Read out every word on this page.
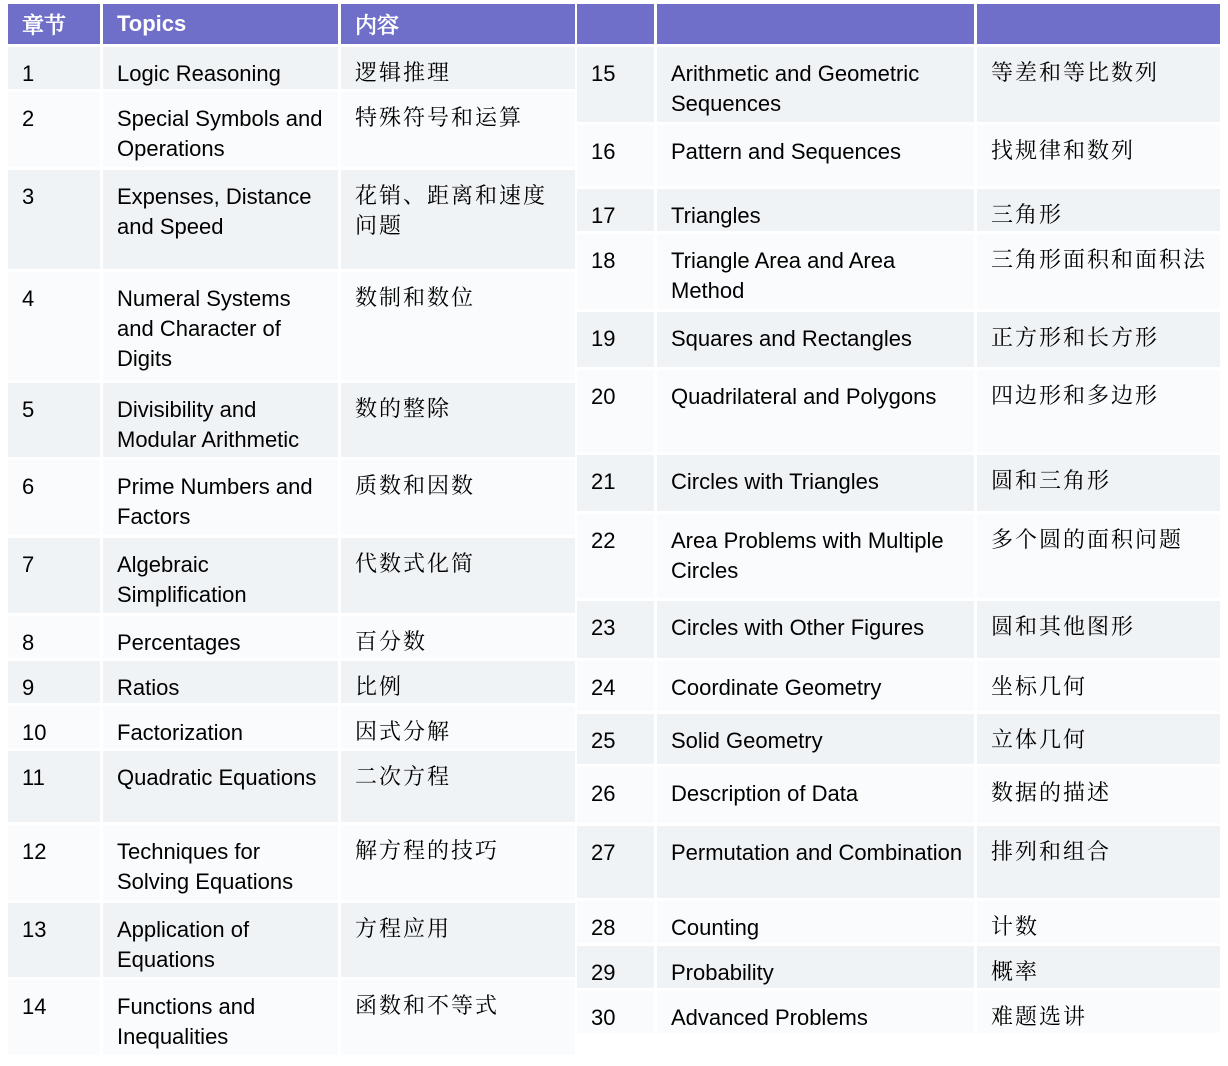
章节	Topics	内容

1	Logic Reasoning	逻辑推理

2	Special Symbols and Operations	特殊符号和运算

3	Expenses, Distance and Speed	花销、距离和速度问题

4	Numeral Systems and Character of Digits	数制和数位

5	Divisibility and Modular Arithmetic	数的整除

6	Prime Numbers and Factors	质数和因数

7	Algebraic Simplification	代数式化简

8	Percentages	百分数

9	Ratios	比例

10	Factorization	因式分解

11	Quadratic Equations	二次方程

12	Techniques for Solving Equations	解方程的技巧

13	Application of Equations	方程应用

14	Functions and Inequalities	函数和不等式

15	Arithmetic and Geometric Sequences	等差和等比数列

16	Pattern and Sequences	找规律和数列

17	Triangles	三角形

18	Triangle Area and Area Method	三角形面积和面积法

19	Squares and Rectangles	正方形和长方形

20	Quadrilateral and Polygons	四边形和多边形

21	Circles with Triangles	圆和三角形

22	Area Problems with Multiple Circles	多个圆的面积问题

23	Circles with Other Figures	圆和其他图形

24	Coordinate Geometry	坐标几何

25	Solid Geometry	立体几何

26	Description of Data	数据的描述

27	Permutation and Combination	排列和组合

28	Counting	计数

29	Probability	概率

30	Advanced Problems	难题选讲
